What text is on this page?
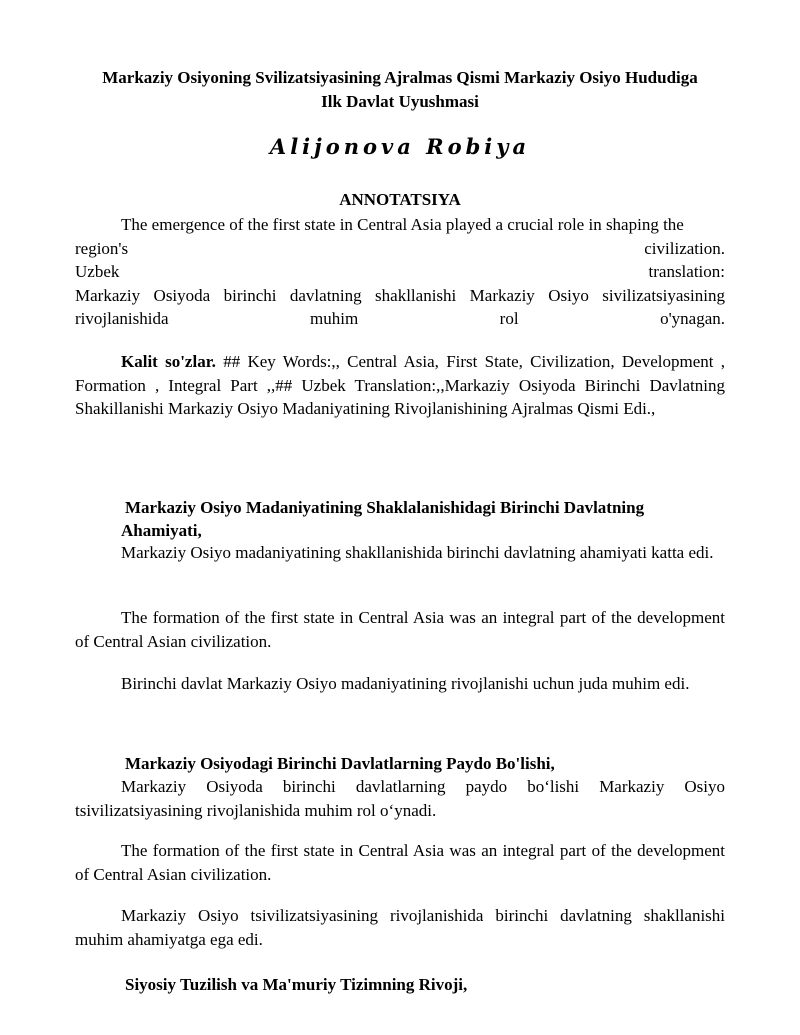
Markaziy Osiyoning Svilizatsiyasining Ajralmas Qismi Markaziy Osiyo Hududiga
Ilk Davlat Uyushmasi
Alijonova Robiya
ANNOTATSIYA
The emergence of the first state in Central Asia played a crucial role in shaping the
region's	civilization.
Uzbek	translation:
Markaziy Osiyoda birinchi davlatning shakllanishi Markaziy Osiyo sivilizatsiyasining
rivojlanishida muhim rol o'ynagan.
Kalit so'zlar. ## Key Words:,, Central Asia, First State, Civilization, Development , Formation , Integral Part ,,## Uzbek Translation:,,Markaziy Osiyoda Birinchi Davlatning Shakillanishi Markaziy Osiyo Madaniyatining Rivojlanishining Ajralmas Qismi Edi.,
Markaziy Osiyo Madaniyatining Shaklalanishidagi Birinchi Davlatning
Ahamiyati,
Markaziy Osiyo madaniyatining shakllanishida birinchi davlatning ahamiyati katta edi.
The formation of the first state in Central Asia was an integral part of the development of Central Asian civilization.
Birinchi davlat Markaziy Osiyo madaniyatining rivojlanishi uchun juda muhim edi.
Markaziy Osiyodagi Birinchi Davlatlarning Paydo Bo'lishi,
Markaziy Osiyoda birinchi davlatlarning paydo bo‘lishi Markaziy Osiyo tsivilizatsiyasining rivojlanishida muhim rol o‘ynadi.
The formation of the first state in Central Asia was an integral part of the development of Central Asian civilization.
Markaziy Osiyo tsivilizatsiyasining rivojlanishida birinchi davlatning shakllanishi muhim ahamiyatga ega edi.
Siyosiy Tuzilish va Ma'muriy Tizimning Rivoji,
